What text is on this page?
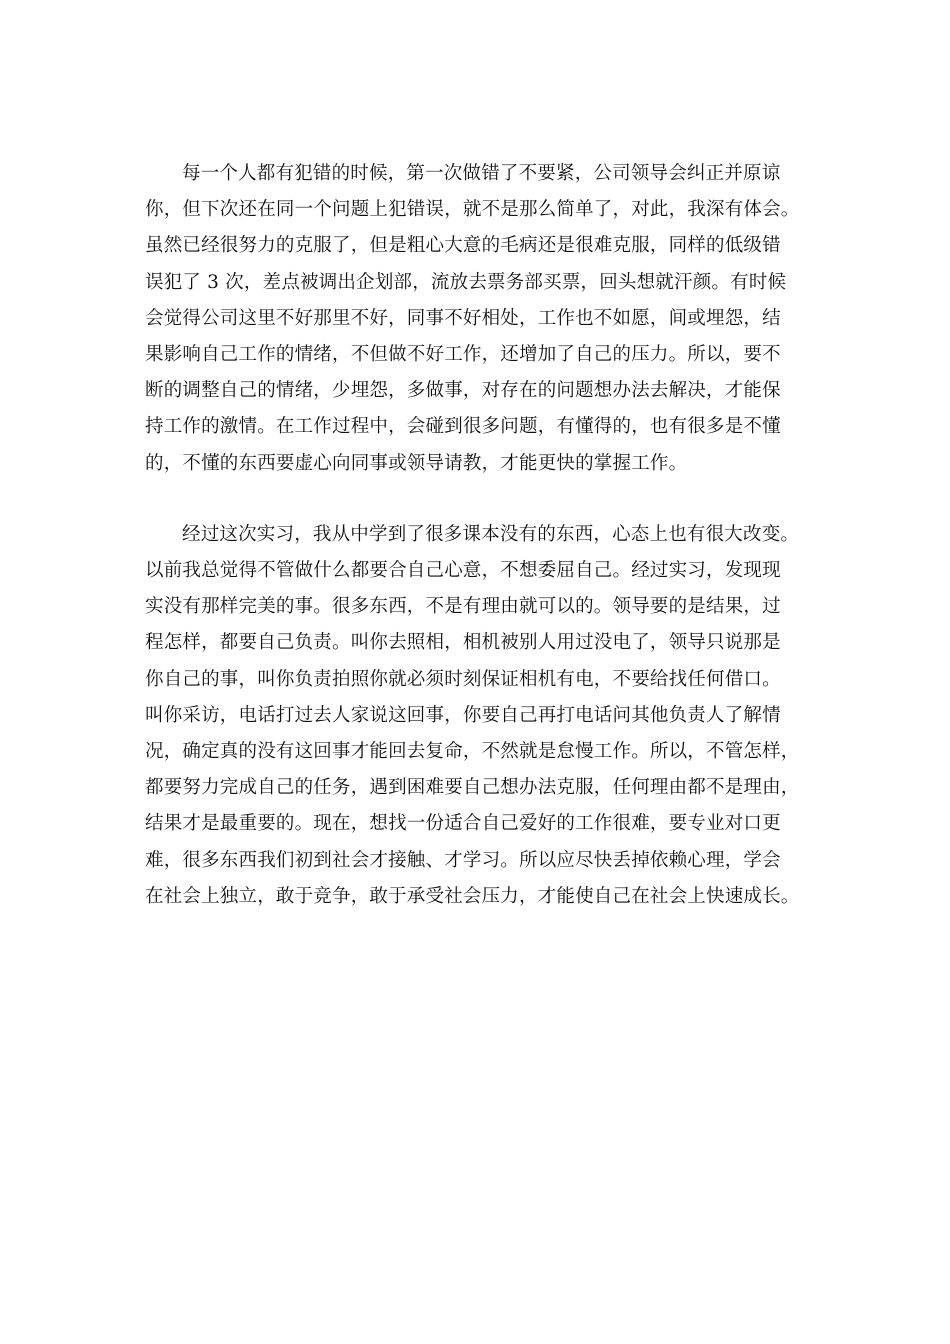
每一个人都有犯错的时候，第一次做错了不要紧，公司领导会纠正并原谅
你，但下次还在同一个问题上犯错误，就不是那么简单了，对此，我深有体会。
虽然已经很努力的克服了，但是粗心大意的毛病还是很难克服，同样的低级错
误犯了 3 次，差点被调出企划部，流放去票务部买票，回头想就汗颜。有时候
会觉得公司这里不好那里不好，同事不好相处，工作也不如愿，间或埋怨，结
果影响自己工作的情绪，不但做不好工作，还增加了自己的压力。所以，要不
断的调整自己的情绪，少埋怨，多做事，对存在的问题想办法去解决，才能保
持工作的激情。在工作过程中，会碰到很多问题，有懂得的，也有很多是不懂
的，不懂的东西要虚心向同事或领导请教，才能更快的掌握工作。
经过这次实习，我从中学到了很多课本没有的东西，心态上也有很大改变。
以前我总觉得不管做什么都要合自己心意，不想委屈自己。经过实习，发现现
实没有那样完美的事。很多东西，不是有理由就可以的。领导要的是结果，过
程怎样，都要自己负责。叫你去照相，相机被别人用过没电了，领导只说那是
你自己的事，叫你负责拍照你就必须时刻保证相机有电，不要给找任何借口。
叫你采访，电话打过去人家说这回事，你要自己再打电话问其他负责人了解情
况，确定真的没有这回事才能回去复命，不然就是怠慢工作。所以，不管怎样，
都要努力完成自己的任务，遇到困难要自己想办法克服，任何理由都不是理由，
结果才是最重要的。现在，想找一份适合自己爱好的工作很难，要专业对口更
难，很多东西我们初到社会才接触、才学习。所以应尽快丢掉依赖心理，学会
在社会上独立，敢于竞争，敢于承受社会压力，才能使自己在社会上快速成长。
